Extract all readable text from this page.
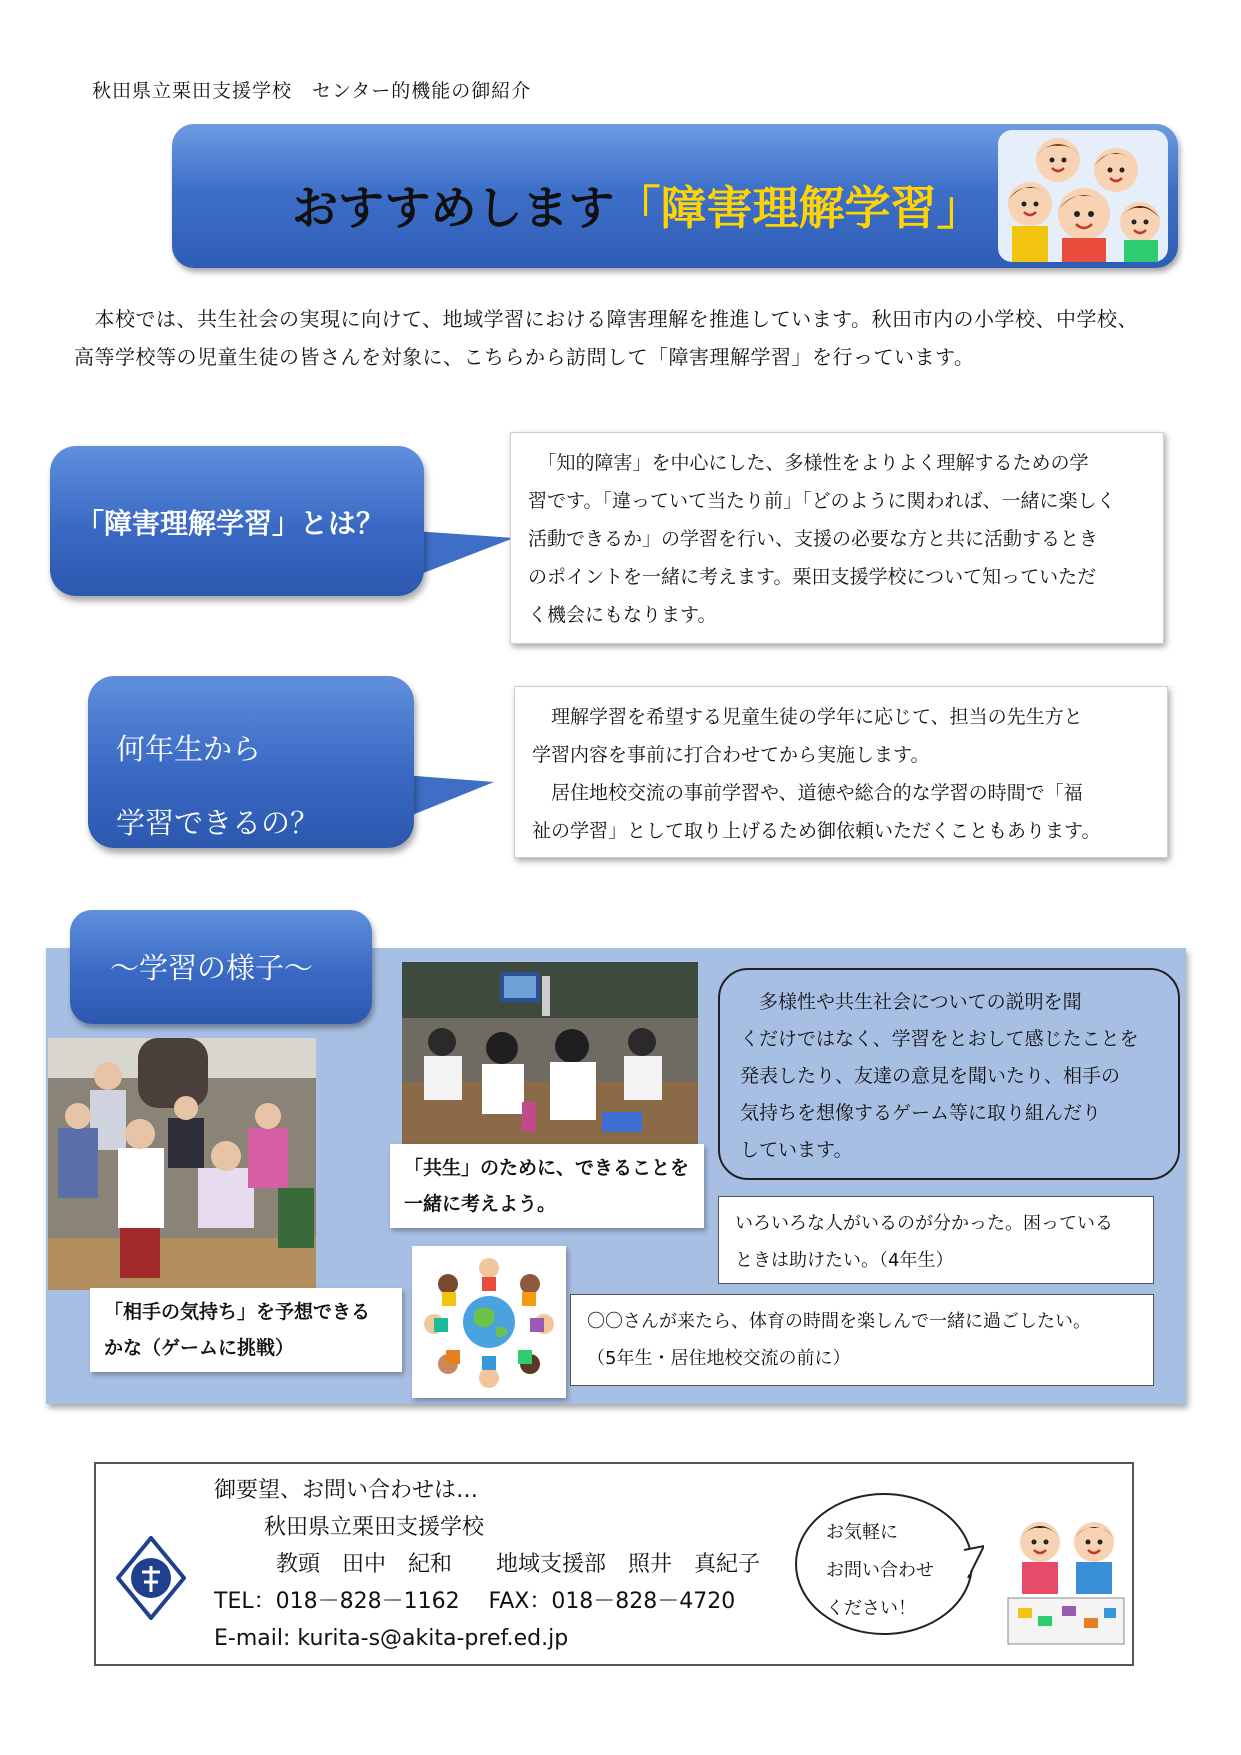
秋田県立栗田支援学校　センター的機能の御紹介
おすすめします「障害理解学習」

　本校では、共生社会の実現に向けて、地域学習における障害理解を推進しています。秋田市内の小学校、中学校、

高等学校等の児童生徒の皆さんを対象に、こちらから訪問して「障害理解学習」を行っています。

「障害理解学習」とは？

　「知的障害」を中心にした、多様性をよりよく理解するための学

習です。「違っていて当たり前」「どのように関われば、一緒に楽しく

活動できるか」の学習を行い、支援の必要な方と共に活動するとき

のポイントを一緒に考えます。栗田支援学校について知っていただ

く機会にもなります。

何年生から
学習できるの？

　理解学習を希望する児童生徒の学年に応じて、担当の先生方と

学習内容を事前に打合わせてから実施します。

　居住地校交流の事前学習や、道徳や総合的な学習の時間で「福

祉の学習」として取り上げるため御依頼いただくこともあります。

～学習の様子～

「共生」のために、できることを

一緒に考えよう。

　多様性や共生社会についての説明を聞

くだけではなく、学習をとおして感じたことを

発表したり、友達の意見を聞いたり、相手の

気持ちを想像するゲーム等に取り組んだり

しています。

いろいろな人がいるのが分かった。困っている

ときは助けたい。（4年生）

「相手の気持ち」を予想できる

かな（ゲームに挑戦）

〇〇さんが来たら、体育の時間を楽しんで一緒に過ごしたい。

（5年生・居住地校交流の前に）

御要望、お問い合わせは…
秋田県立栗田支援学校
教頭　田中　紀和　　地域支援部　照井　真紀子
TEL：018－828－1162　 FAX：018－828－4720
E-mail: kurita-s@akita-pref.ed.jp
お気軽に
お問い合わせ
ください！
